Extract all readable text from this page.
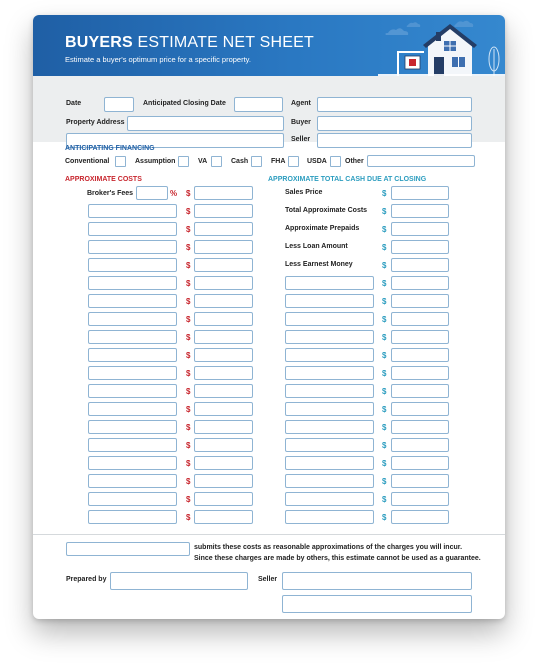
BUYERS ESTIMATE NET SHEET
Estimate a buyer's optimum price for a specific property.
Date	Anticipated Closing Date	Agent
Property Address	Buyer
Seller
ANTICIPATING FINANCING
Conventional	Assumption	VA	Cash	FHA	USDA	Other
APPROXIMATE COSTS
Broker's Fees	% $
$
$
$
$
$
$
$
$
$
$
$
$
$
$
$
$
$
$
APPROXIMATE TOTAL CASH DUE AT CLOSING
Sales Price	$
Total Approximate Costs $
Approximate Prepaids	$
Less Loan Amount	$
Less Earnest Money	$
$
$
$
$
$
$
$
$
$
$
$
$
$
$
submits these costs as reasonable approximations of the charges you will incur.
Since these charges are made by others, this estimate cannot be used as a guarantee.
Prepared by	Seller
